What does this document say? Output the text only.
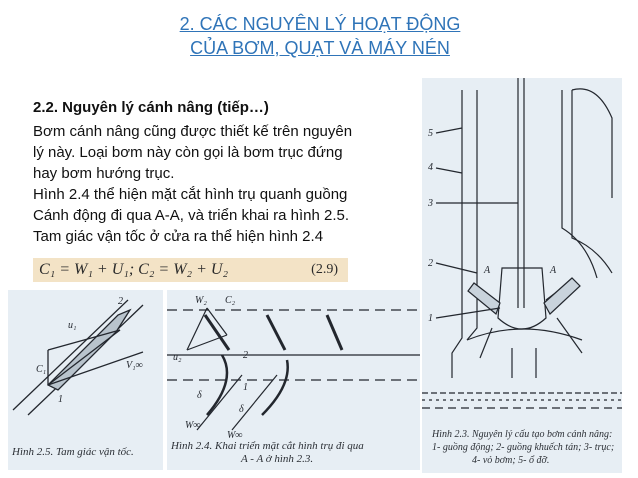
2. CÁC NGUYÊN LÝ HOẠT ĐỘNG
CỦA BƠM, QUẠT VÀ MÁY NÉN
2.2. Nguyên lý cánh nâng (tiếp…)
Bơm cánh nâng cũng được thiết kế trên nguyên
lý này. Loại bơm này còn gọi là bơm trục đứng
hay bơm hướng trục.
Hình 2.4 thể hiện mặt cắt hình trụ quanh guồng
Cánh động đi qua A-A, và triển khai ra hình 2.5.
Tam giác vận tốc ở cửa ra thể hiện hình 2.4
C₁ = W₁ + U₁; C₂ = W₂ + U₂	(2.9)
5
4
3
2
1
A	A
Hình 2.3. Nguyên lý cấu tạo bơm cánh nâng:
1- guồng động; 2- guồng khuếch tán; 3- trục;
4- vỏ bơm; 5- ổ đỡ.
u₁
C₁	V₁∞
2
1
Hình 2.5. Tam giác vận tốc.
W₂ C₂
u₂	2
1
δ
δ
W∞
W∞
Hình 2.4. Khai triển mặt cắt hình trụ đi qua
A - A ở hình 2.3.
